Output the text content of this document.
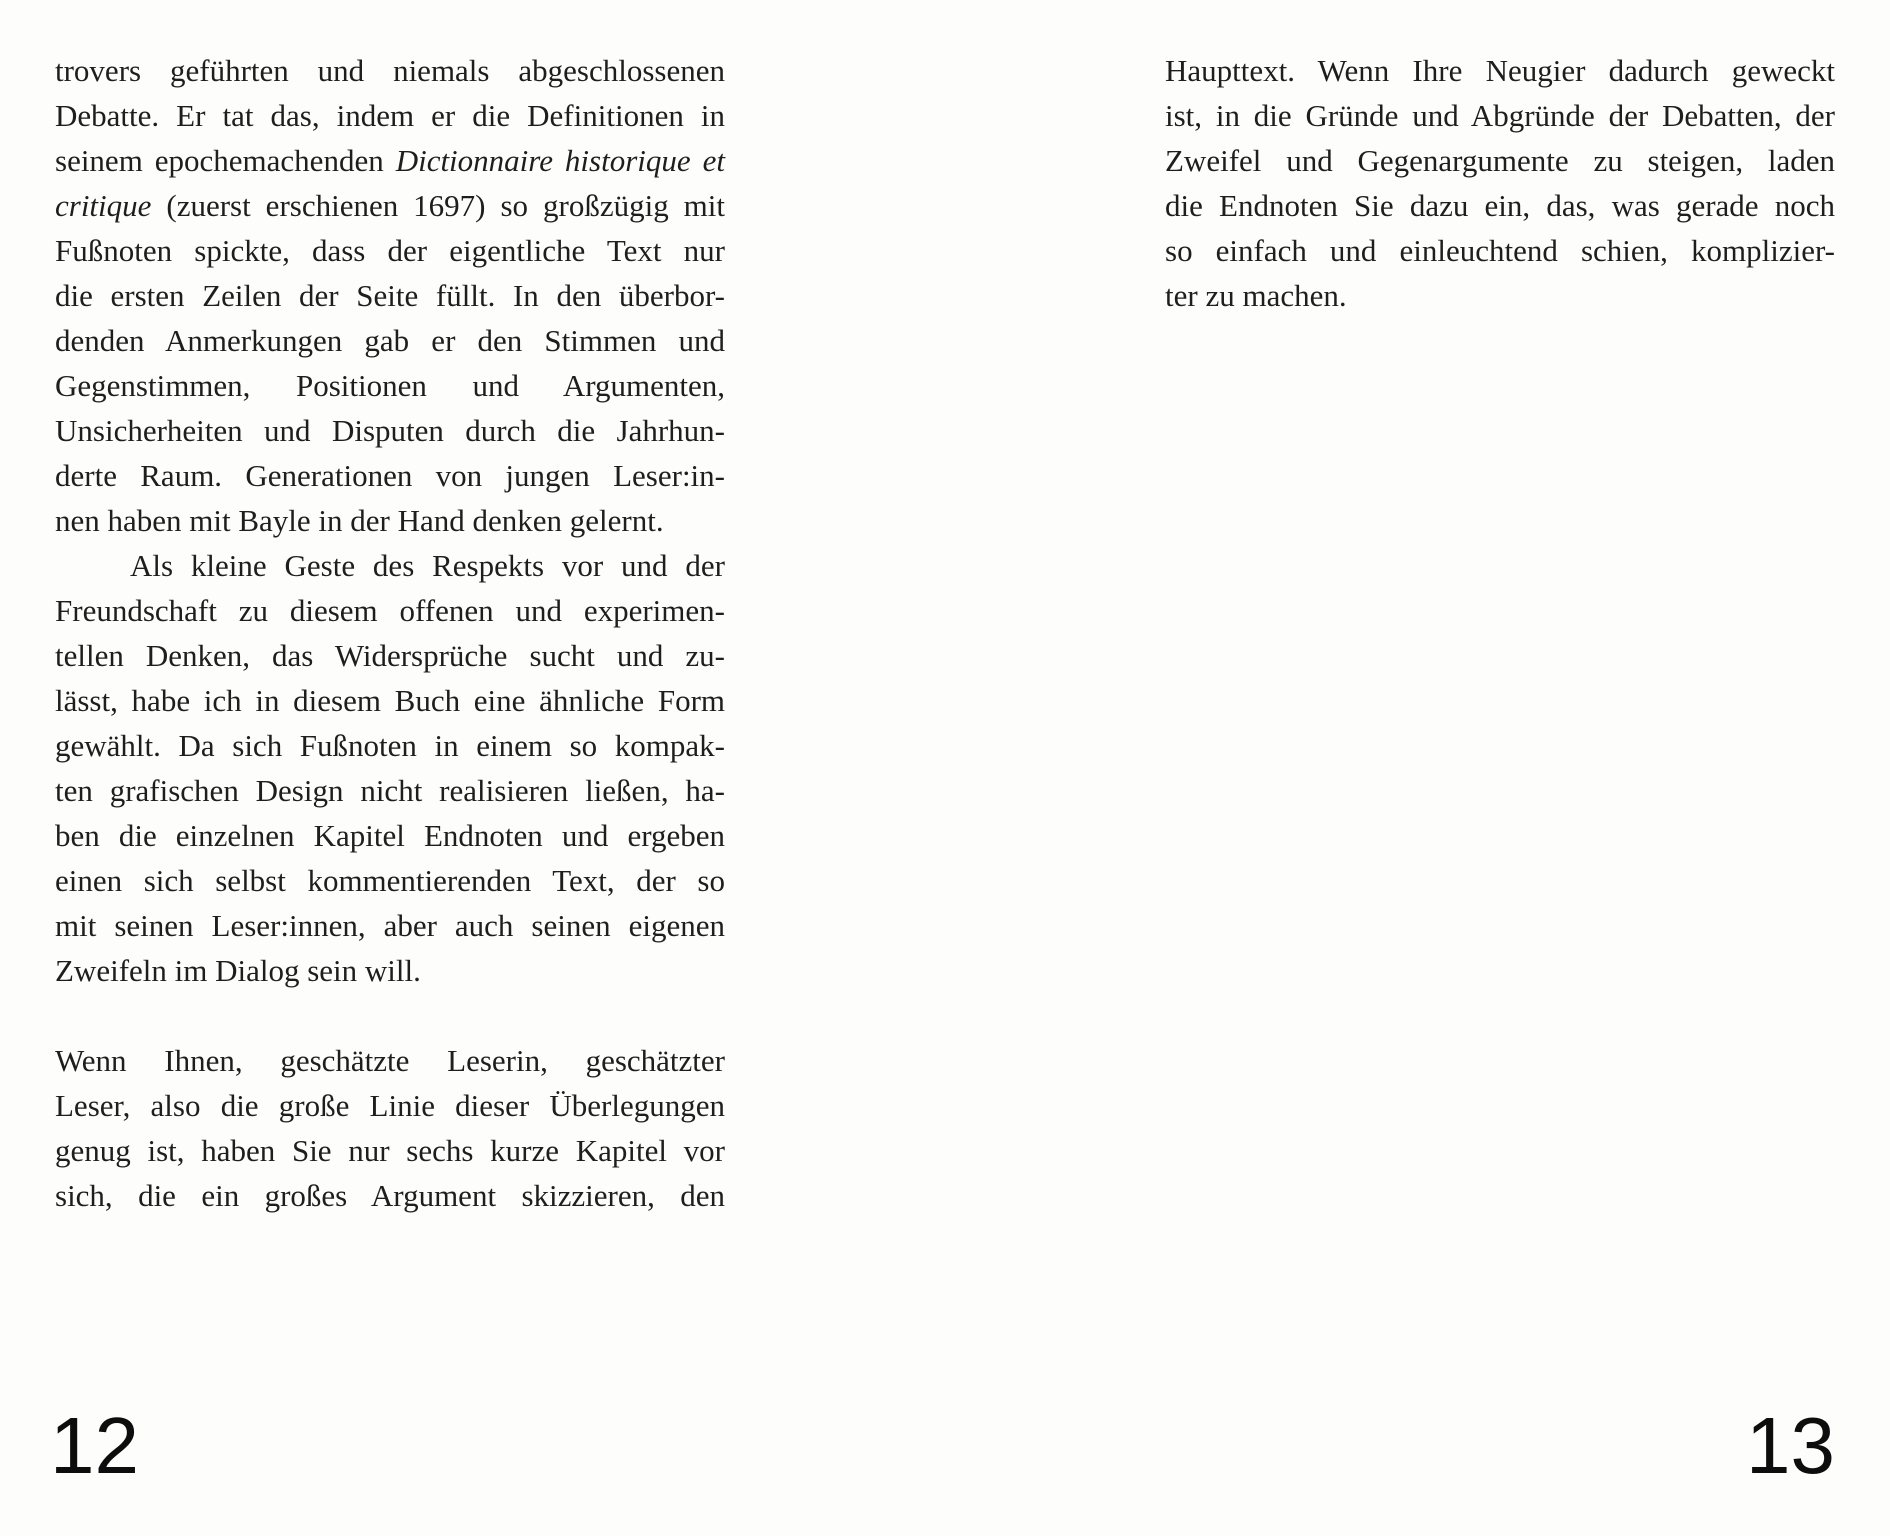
trovers geführten und niemals abgeschlossenen
Debatte. Er tat das, indem er die Definitionen in
seinem epochemachenden Dictionnaire historique et
critique (zuerst erschienen 1697) so großzügig mit
Fußnoten spickte, dass der eigentliche Text nur
die ersten Zeilen der Seite füllt. In den überbor-
denden Anmerkungen gab er den Stimmen und
Gegenstimmen, Positionen und Argumenten,
Unsicherheiten und Disputen durch die Jahrhun-
derte Raum. Generationen von jungen Leser:in-
nen haben mit Bayle in der Hand denken gelernt.
Als kleine Geste des Respekts vor und der
Freundschaft zu diesem offenen und experimen-
tellen Denken, das Widersprüche sucht und zu-
lässt, habe ich in diesem Buch eine ähnliche Form
gewählt. Da sich Fußnoten in einem so kompak-
ten grafischen Design nicht realisieren ließen, ha-
ben die einzelnen Kapitel Endnoten und ergeben
einen sich selbst kommentierenden Text, der so
mit seinen Leser:innen, aber auch seinen eigenen
Zweifeln im Dialog sein will.
Wenn Ihnen, geschätzte Leserin, geschätzter
Leser, also die große Linie dieser Überlegungen
genug ist, haben Sie nur sechs kurze Kapitel vor
sich, die ein großes Argument skizzieren, den
12
Haupttext. Wenn Ihre Neugier dadurch geweckt
ist, in die Gründe und Abgründe der Debatten, der
Zweifel und Gegenargumente zu steigen, laden
die Endnoten Sie dazu ein, das, was gerade noch
so einfach und einleuchtend schien, komplizier-
ter zu machen.
13
